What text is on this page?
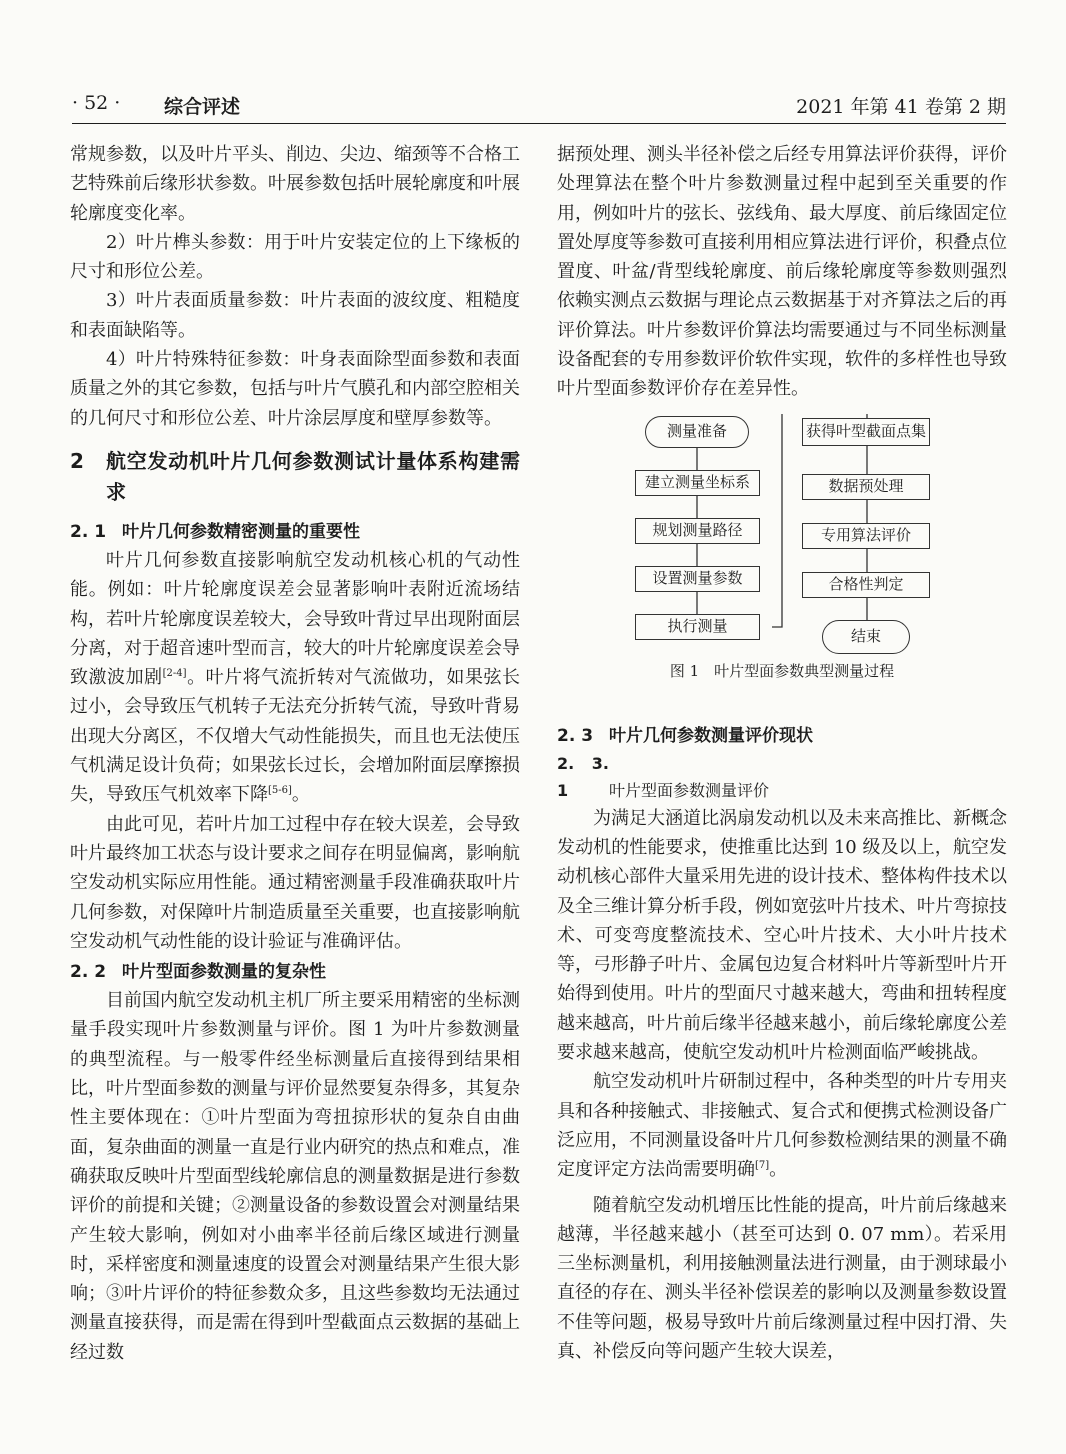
· 52 · 综合评述	2021 年第 41 卷第 2 期

常规参数，以及叶片平头、削边、尖边、缩颈等不合格工艺特殊前后缘形状参数。叶展参数包括叶展轮廓度和叶展轮廓度变化率。

2）叶片榫头参数：用于叶片安装定位的上下缘板的尺寸和形位公差。

3）叶片表面质量参数：叶片表面的波纹度、粗糙度和表面缺陷等。

4）叶片特殊特征参数：叶身表面除型面参数和表面质量之外的其它参数，包括与叶片气膜孔和内部空腔相关的几何尺寸和形位公差、叶片涂层厚度和壁厚参数等。

2	航空发动机叶片几何参数测试计量体系构建需求
2. 1 叶片几何参数精密测量的重要性

叶片几何参数直接影响航空发动机核心机的气动性能。例如：叶片轮廓度误差会显著影响叶表附近流场结构，若叶片轮廓度误差较大，会导致叶背过早出现附面层分离，对于超音速叶型而言，较大的叶片轮廓度误差会导致激波加剧[2-4]。叶片将气流折转对气流做功，如果弦长过小，会导致压气机转子无法充分折转气流，导致叶背易出现大分离区，不仅增大气动性能损失，而且也无法使压气机满足设计负荷；如果弦长过长，会增加附面层摩擦损失，导致压气机效率下降[5-6]。

由此可见，若叶片加工过程中存在较大误差，会导致叶片最终加工状态与设计要求之间存在明显偏离，影响航空发动机实际应用性能。通过精密测量手段准确获取叶片几何参数，对保障叶片制造质量至关重要，也直接影响航空发动机气动性能的设计验证与准确评估。

2. 2 叶片型面参数测量的复杂性

目前国内航空发动机主机厂所主要采用精密的坐标测量手段实现叶片参数测量与评价。图 1 为叶片参数测量的典型流程。与一般零件经坐标测量后直接得到结果相比，叶片型面参数的测量与评价显然要复杂得多，其复杂性主要体现在：①叶片型面为弯扭掠形状的复杂自由曲面，复杂曲面的测量一直是行业内研究的热点和难点，准确获取反映叶片型面型线轮廓信息的测量数据是进行参数评价的前提和关键；②测量设备的参数设置会对测量结果产生较大影响，例如对小曲率半径前后缘区域进行测量时，采样密度和测量速度的设置会对测量结果产生很大影响；③叶片评价的特征参数众多，且这些参数均无法通过测量直接获得，而是需在得到叶型截面点云数据的基础上经过数

据预处理、测头半径补偿之后经专用算法评价获得，评价处理算法在整个叶片参数测量过程中起到至关重要的作用，例如叶片的弦长、弦线角、最大厚度、前后缘固定位置处厚度等参数可直接利用相应算法进行评价，积叠点位置度、叶盆/背型线轮廓度、前后缘轮廓度等参数则强烈依赖实测点云数据与理论点云数据基于对齐算法之后的再评价算法。叶片参数评价算法均需要通过与不同坐标测量设备配套的专用参数评价软件实现，软件的多样性也导致叶片型面参数评价存在差异性。

测量准备
建立测量坐标系
规划测量路径
设置测量参数
执行测量
获得叶型截面点集
数据预处理
专用算法评价
合格性判定
结束
图 1　叶片型面参数典型测量过程
2. 3 叶片几何参数测量评价现状
2. 3. 1	叶片型面参数测量评价

为满足大涵道比涡扇发动机以及未来高推比、新概念发动机的性能要求，使推重比达到 10 级及以上，航空发动机核心部件大量采用先进的设计技术、整体构件技术以及全三维计算分析手段，例如宽弦叶片技术、叶片弯掠技术、可变弯度整流技术、空心叶片技术、大小叶片技术等，弓形静子叶片、金属包边复合材料叶片等新型叶片开始得到使用。叶片的型面尺寸越来越大，弯曲和扭转程度越来越高，叶片前后缘半径越来越小，前后缘轮廓度公差要求越来越高，使航空发动机叶片检测面临严峻挑战。

航空发动机叶片研制过程中，各种类型的叶片专用夹具和各种接触式、非接触式、复合式和便携式检测设备广泛应用，不同测量设备叶片几何参数检测结果的测量不确定度评定方法尚需要明确[7]。

随着航空发动机增压比性能的提高，叶片前后缘越来越薄，半径越来越小（甚至可达到 0. 07 mm）。若采用三坐标测量机，利用接触测量法进行测量，由于测球最小直径的存在、测头半径补偿误差的影响以及测量参数设置不佳等问题，极易导致叶片前后缘测量过程中因打滑、失真、补偿反向等问题产生较大误差，
